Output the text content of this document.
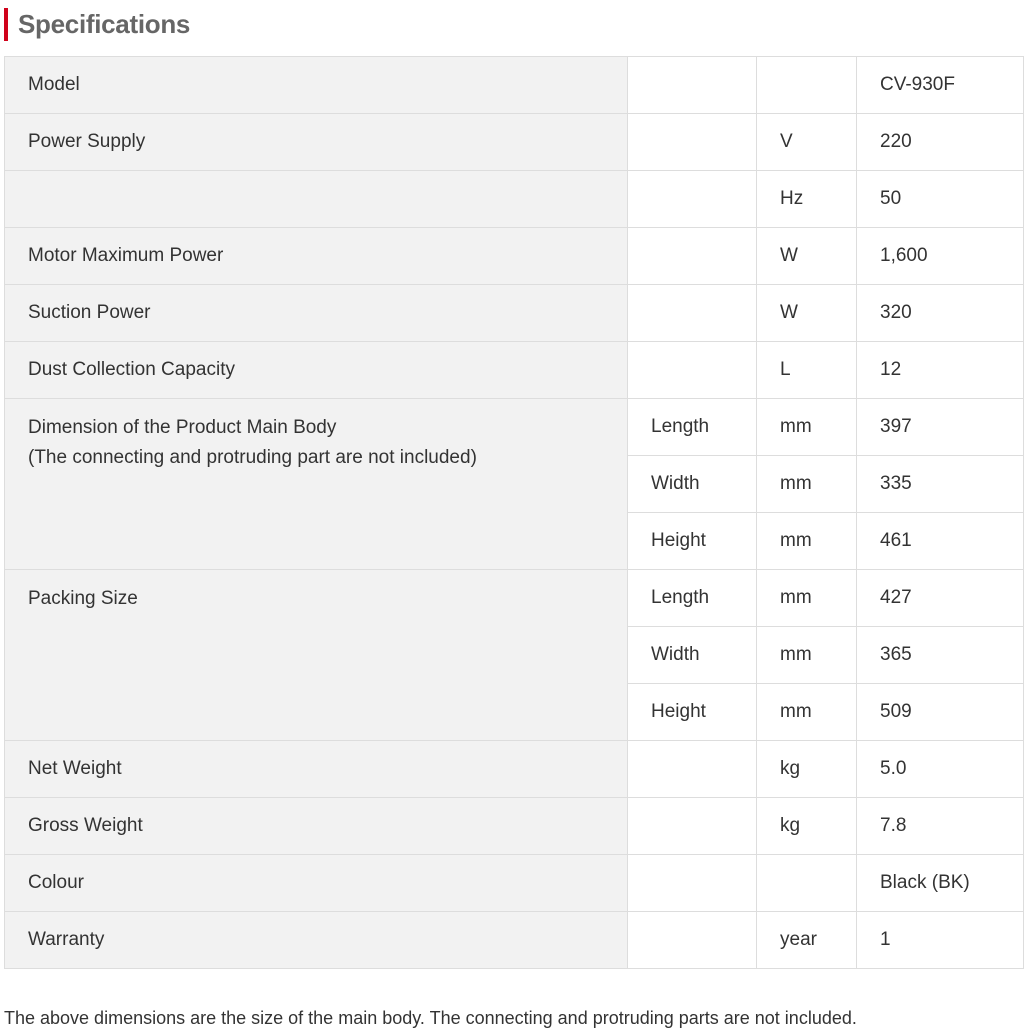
Specifications
Model			CV-930F
Power Supply		V	220
		Hz	50
Motor Maximum Power		W	1,600
Suction Power		W	320
Dust Collection Capacity		L	12

Dimension of the Product Main Body
(The connecting and protruding part are not included)	Length	mm	397
	Width	mm	335
	Height	mm	461
Packing Size	Length	mm	427
	Width	mm	365
	Height	mm	509
Net Weight		kg	5.0
Gross Weight		kg	7.8
Colour			Black (BK)
Warranty		year	1
The above dimensions are the size of the main body. The connecting and protruding parts are not included.
